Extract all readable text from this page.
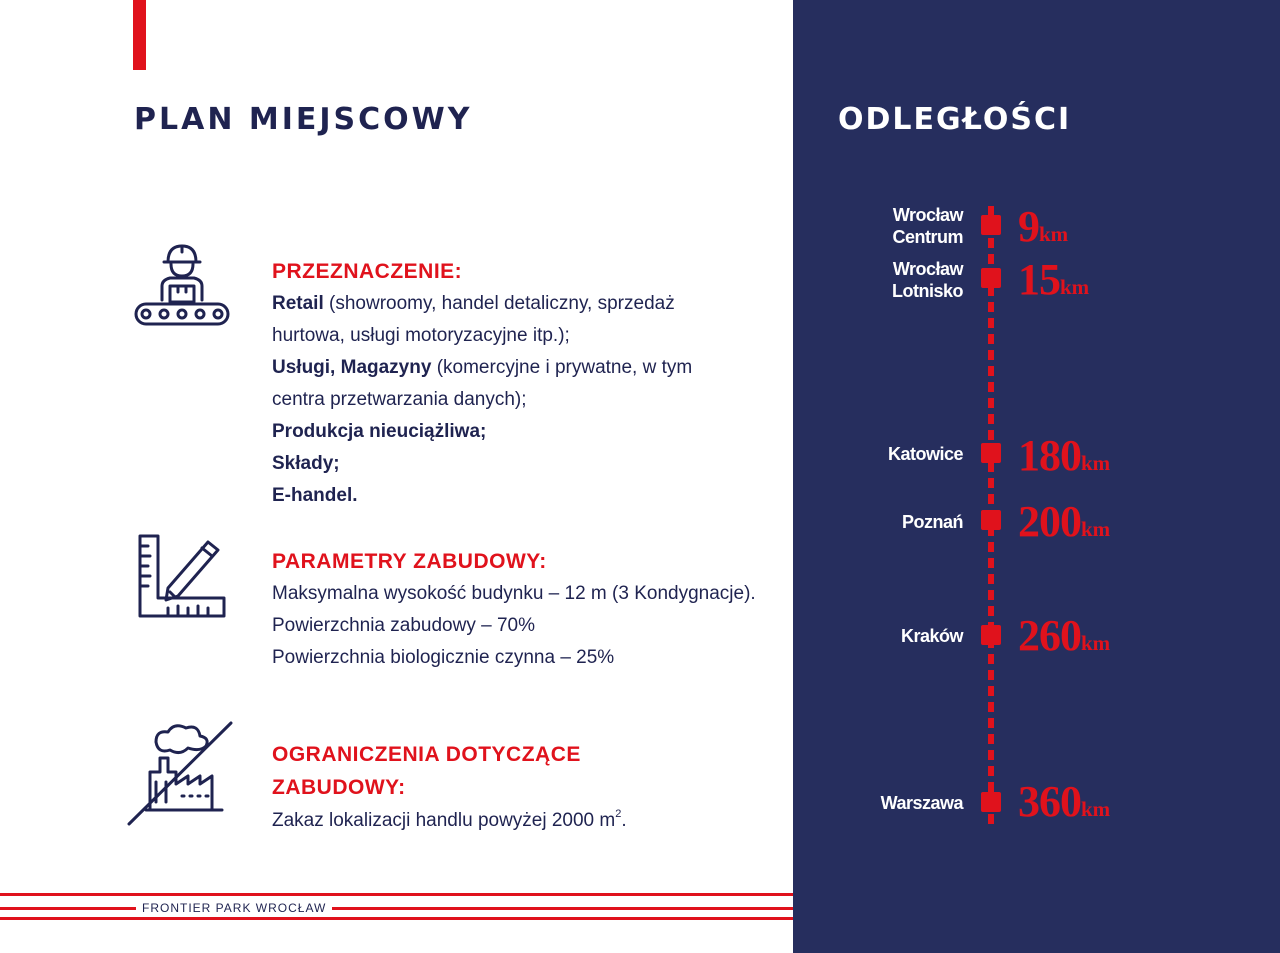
PLAN MIEJSCOWY
PRZEZNACZENIE:
Retail (showroomy, handel detaliczny, sprzedaż
hurtowa, usługi motoryzacyjne itp.);
Usługi, Magazyny (komercyjne i prywatne, w tym
centra przetwarzania danych);
Produkcja nieuciążliwa;
Składy;
E-handel.
PARAMETRY ZABUDOWY:
Maksymalna wysokość budynku – 12 m (3 Kondygnacje).
Powierzchnia zabudowy – 70%
Powierzchnia biologicznie czynna – 25%
OGRANICZENIA DOTYCZĄCE
ZABUDOWY:
Zakaz lokalizacji handlu powyżej 2000 $m^2$.
FRONTIER PARK WROCŁAW
ODLEGŁOŚCI
Wrocław
Centrum 9km
Wrocław
Lotnisko 15km
Katowice 180km
Poznań 200km
Kraków 260km
Warszawa 360km
